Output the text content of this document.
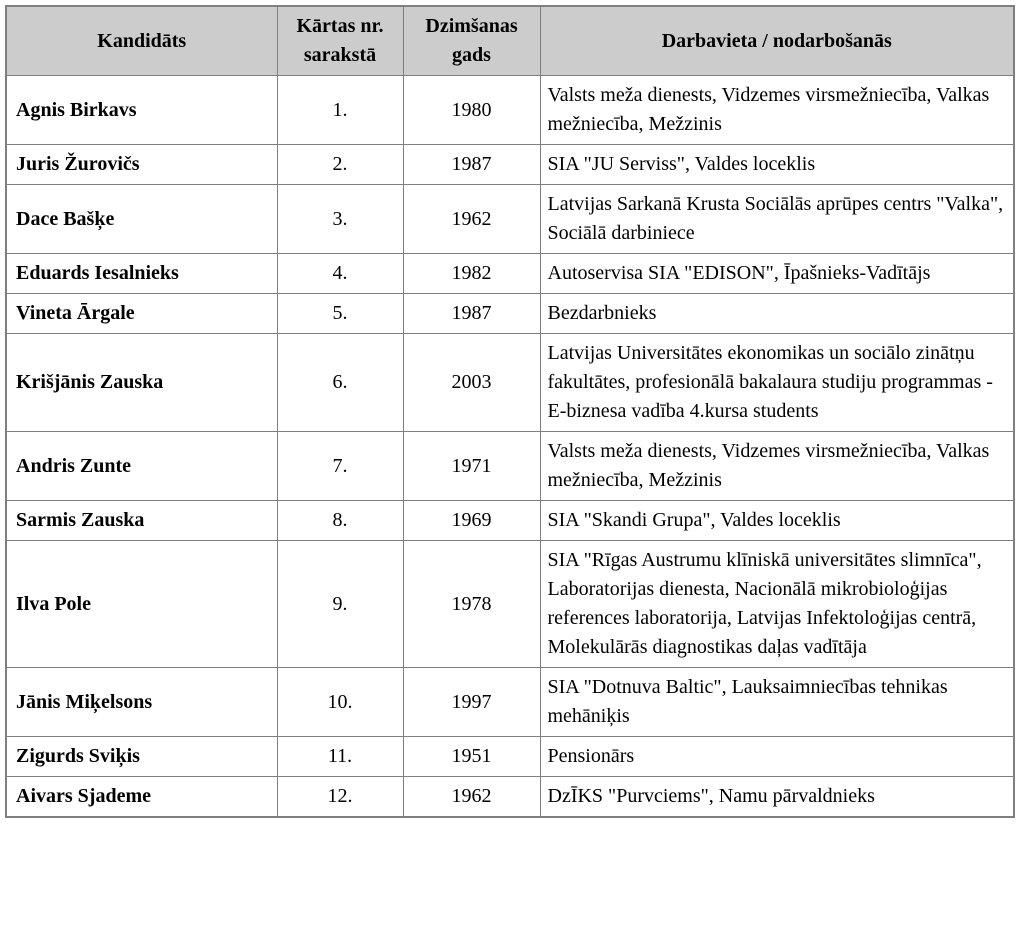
Kandidāts	Kārtas nr. sarakstā	Dzimšanas gads	Darbavieta / nodarbošanās
Agnis Birkavs	1.	1980	Valsts meža dienests, Vidzemes virsmežniecība, Valkas mežniecība, Mežzinis
Juris Žurovičs	2.	1987	SIA "JU Serviss", Valdes loceklis
Dace Bašķe	3.	1962	Latvijas Sarkanā Krusta Sociālās aprūpes centrs "Valka", Sociālā darbiniece
Eduards Iesalnieks	4.	1982	Autoservisa SIA "EDISON", Īpašnieks-Vadītājs
Vineta Ārgale	5.	1987	Bezdarbnieks
Krišjānis Zauska	6.	2003	Latvijas Universitātes ekonomikas un sociālo zinātņu fakultātes, profesionālā bakalaura studiju programmas - E-biznesa vadība 4.kursa students
Andris Zunte	7.	1971	Valsts meža dienests, Vidzemes virsmežniecība, Valkas mežniecība, Mežzinis
Sarmis Zauska	8.	1969	SIA "Skandi Grupa", Valdes loceklis
Ilva Pole	9.	1978	SIA "Rīgas Austrumu klīniskā universitātes slimnīca", Laboratorijas dienesta, Nacionālā mikrobioloģijas references laboratorija, Latvijas Infektoloģijas centrā, Molekulārās diagnostikas daļas vadītāja
Jānis Miķelsons	10.	1997	SIA "Dotnuva Baltic", Lauksaimniecības tehnikas mehāniķis
Zigurds Sviķis	11.	1951	Pensionārs
Aivars Sjademe	12.	1962	DzĪKS "Purvciems", Namu pārvaldnieks
